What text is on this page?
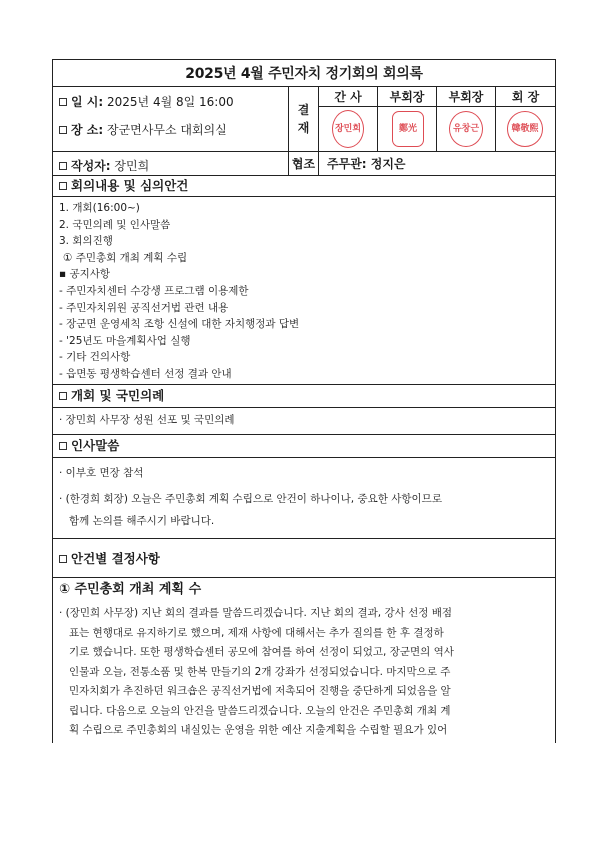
2025년 4월 주민자치 정기회의 회의록
일 시: 2025년 4월 8일 16:00
장 소: 장군면사무소 대회의실
작성자: 장민희
결
재
간 사	부회장	부회장	회 장
장민희	鄭光	유창근	韓敬熙
협조 주무관: 정지은
회의내용 및 심의안건
1. 개회(16:00~)
2. 국민의례 및 인사말씀
3. 회의진행
① 주민총회 개최 계획 수립
▪ 공지사항
- 주민자치센터 수강생 프로그램 이용제한
- 주민자치위원 공직선거법 관련 내용
- 장군면 운영세칙 조항 신설에 대한 자치행정과 답변
- '25년도 마을계획사업 실행
- 기타 건의사항
- 읍면동 평생학습센터 선정 결과 안내
개회 및 국민의례
· 장민희 사무장 성원 선포 및 국민의례
인사말씀
· 이부호 면장 참석
· (한경희 회장) 오늘은 주민총회 계획 수립으로 안건이 하나이나, 중요한 사항이므로
함께 논의를 해주시기 바랍니다.
안건별 결정사항
① 주민총회 개최 계획 수
· (장민희 사무장) 지난 회의 결과를 말씀드리겠습니다. 지난 회의 결과, 강사 선정 배점
표는 현행대로 유지하기로 했으며, 제재 사항에 대해서는 추가 질의를 한 후 결정하
기로 했습니다. 또한 평생학습센터 공모에 참여를 하여 선정이 되었고, 장군면의 역사
인물과 오늘, 전통소품 및 한복 만들기의 2개 강좌가 선정되었습니다. 마지막으로 주
민자치회가 추진하던 워크숍은 공직선거법에 저촉되어 진행을 중단하게 되었음을 알
립니다. 다음으로 오늘의 안건을 말씀드리겠습니다. 오늘의 안건은 주민총회 개최 계
획 수립으로 주민총회의 내실있는 운영을 위한 예산 지출계획을 수립할 필요가 있어
